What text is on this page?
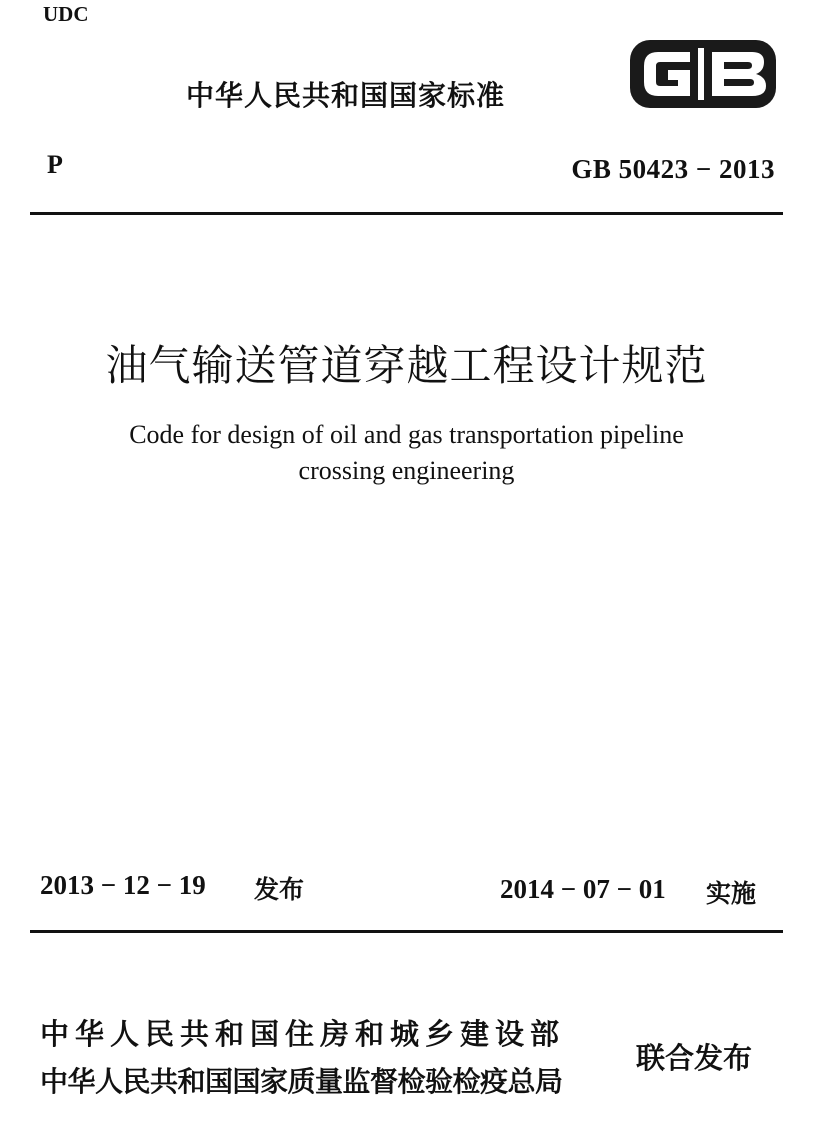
UDC
中华人民共和国国家标准
P	GB 50423 − 2013
油气输送管道穿越工程设计规范
Code for design of oil and gas transportation pipeline
crossing engineering
2013 − 12 − 19 发布	2014 − 07 − 01 实施
中华人民共和国住房和城乡建设部
中华人民共和国国家质量监督检验检疫总局
联合发布
